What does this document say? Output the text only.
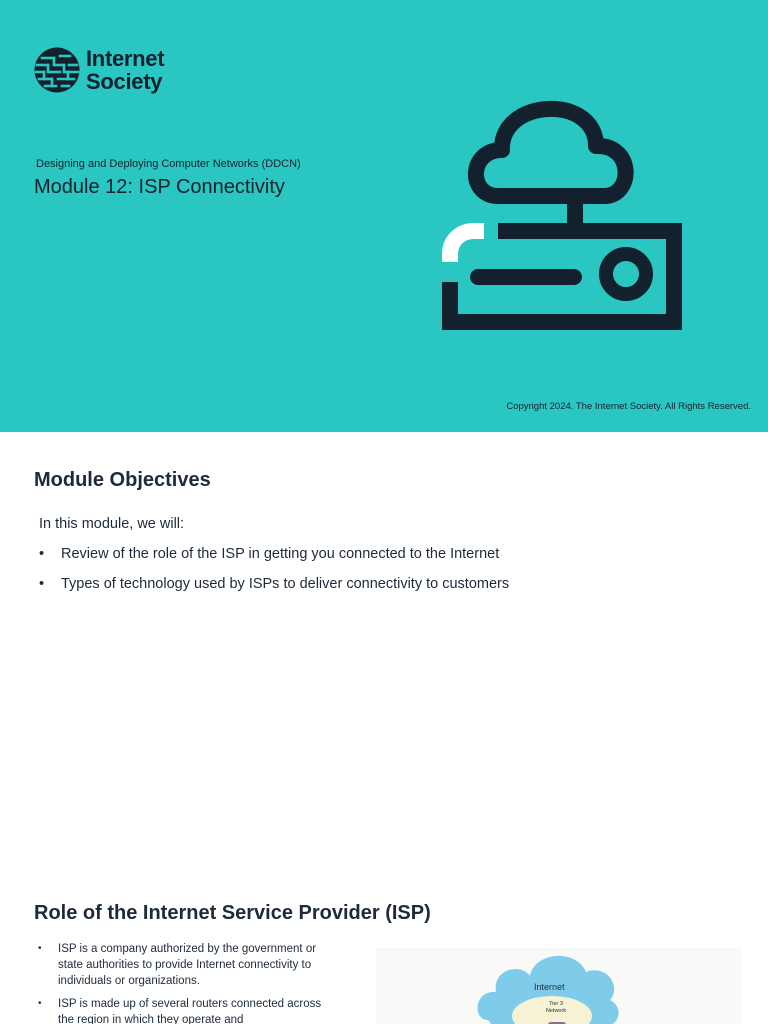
Internet
Society
Designing and Deploying Computer Networks (DDCN)
Module 12: ISP Connectivity
Copyright 2024. The Internet Society. All Rights Reserved.
Module Objectives

In this module, we will:

• Review of the role of the ISP in getting you connected to the Internet
• Types of technology used by ISPs to deliver connectivity to customers
Role of the Internet Service Provider (ISP)
• ISP is a company authorized by the government or state authorities to provide Internet connectivity to individuals or organizations.
• ISP is made up of several routers connected across the region in which they operate and
Internet
Tier 3 Network
